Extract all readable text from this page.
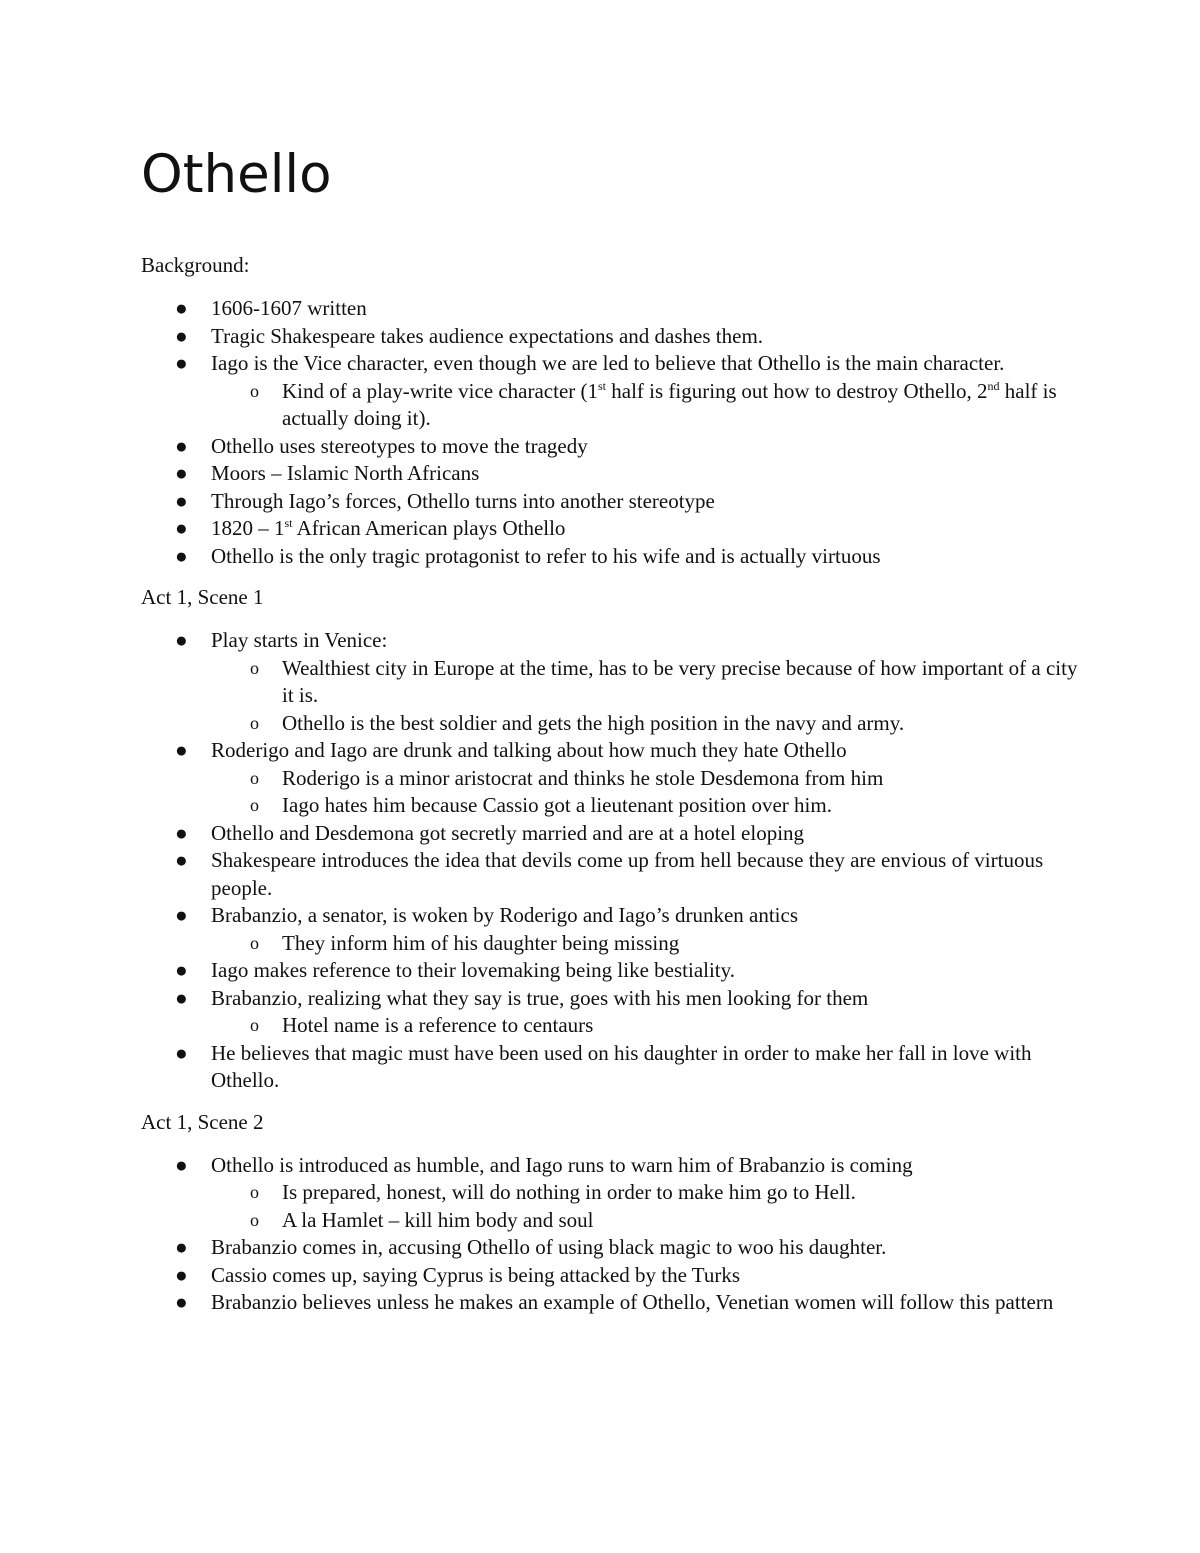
Othello

Background:

● 1606-1607 written
● Tragic Shakespeare takes audience expectations and dashes them.
● Iago is the Vice character, even though we are led to believe that Othello is the main character.
o Kind of a play-write vice character (1st half is figuring out how to destroy Othello, 2nd half is actually doing it).
● Othello uses stereotypes to move the tragedy
● Moors – Islamic North Africans
● Through Iago’s forces, Othello turns into another stereotype
● 1820 – 1st African American plays Othello
● Othello is the only tragic protagonist to refer to his wife and is actually virtuous

Act 1, Scene 1

● Play starts in Venice:
o Wealthiest city in Europe at the time, has to be very precise because of how important of a city it is.
o Othello is the best soldier and gets the high position in the navy and army.
● Roderigo and Iago are drunk and talking about how much they hate Othello
o Roderigo is a minor aristocrat and thinks he stole Desdemona from him
o Iago hates him because Cassio got a lieutenant position over him.
● Othello and Desdemona got secretly married and are at a hotel eloping
● Shakespeare introduces the idea that devils come up from hell because they are envious of virtuous people.
● Brabanzio, a senator, is woken by Roderigo and Iago’s drunken antics
o They inform him of his daughter being missing
● Iago makes reference to their lovemaking being like bestiality.
● Brabanzio, realizing what they say is true, goes with his men looking for them
o Hotel name is a reference to centaurs
● He believes that magic must have been used on his daughter in order to make her fall in love with Othello.

Act 1, Scene 2

● Othello is introduced as humble, and Iago runs to warn him of Brabanzio is coming
o Is prepared, honest, will do nothing in order to make him go to Hell.
o A la Hamlet – kill him body and soul
● Brabanzio comes in, accusing Othello of using black magic to woo his daughter.
● Cassio comes up, saying Cyprus is being attacked by the Turks
● Brabanzio believes unless he makes an example of Othello, Venetian women will follow this pattern
